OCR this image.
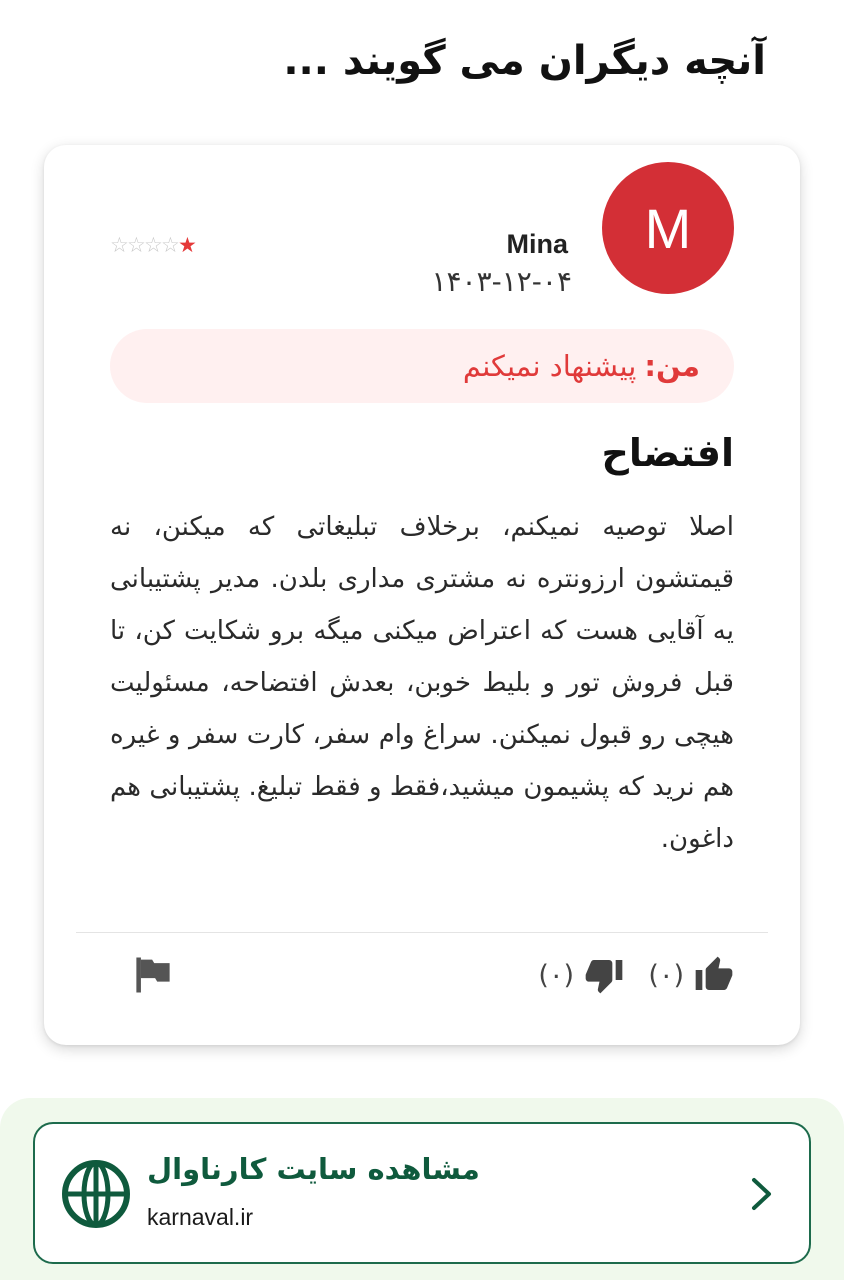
آنچه دیگران می گویند ...
M
Mina
۱۴۰۳-۱۲-۰۴
☆
☆
☆
☆
★
من:
پیشنهاد نمیکنم
افتضاح

اصلا توصیه نمیکنم، برخلاف تبلیغاتی که میکنن، نه قیمتشون ارزونتره نه مشتری مداری بلدن. مدیر پشتیبانی یه آقایی هست که اعتراض میکنی میگه برو شکایت کن، تا قبل فروش تور و بلیط خوبن، بعدش افتضاحه، مسئولیت هیچی رو قبول نمیکنن. سراغ وام سفر، کارت سفر و غیره هم نرید که پشیمون میشید،فقط و فقط تبلیغ. پشتیبانی هم داغون.

(۰)
(۰)
مشاهده سایت کارناوال
karnaval.ir
